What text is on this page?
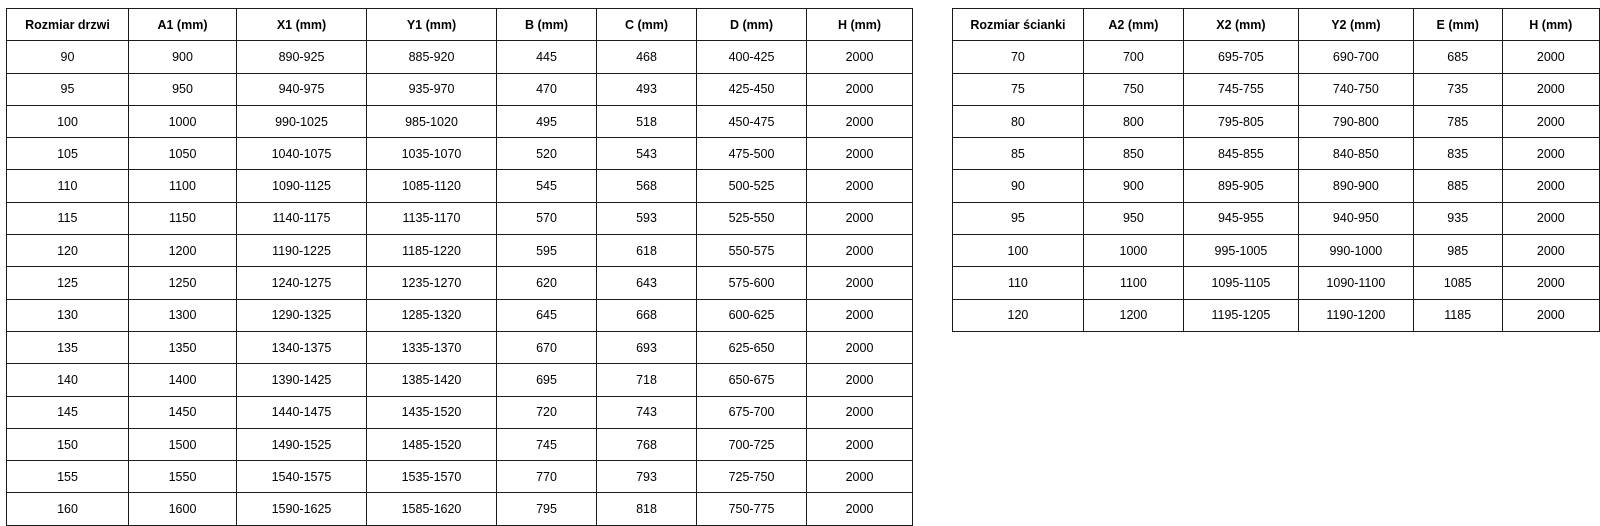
Rozmiar drzwi	A1 (mm)	X1 (mm)	Y1 (mm)	B (mm)	C (mm)	D (mm)	H (mm)
90	900	890-925	885-920	445	468	400-425	2000
95	950	940-975	935-970	470	493	425-450	2000
100	1000	990-1025	985-1020	495	518	450-475	2000
105	1050	1040-1075	1035-1070	520	543	475-500	2000
110	1100	1090-1125	1085-1120	545	568	500-525	2000
115	1150	1140-1175	1135-1170	570	593	525-550	2000
120	1200	1190-1225	1185-1220	595	618	550-575	2000
125	1250	1240-1275	1235-1270	620	643	575-600	2000
130	1300	1290-1325	1285-1320	645	668	600-625	2000
135	1350	1340-1375	1335-1370	670	693	625-650	2000
140	1400	1390-1425	1385-1420	695	718	650-675	2000
145	1450	1440-1475	1435-1520	720	743	675-700	2000
150	1500	1490-1525	1485-1520	745	768	700-725	2000
155	1550	1540-1575	1535-1570	770	793	725-750	2000
160	1600	1590-1625	1585-1620	795	818	750-775	2000
Rozmiar ścianki	A2 (mm)	X2 (mm)	Y2 (mm)	E (mm)	H (mm)
70	700	695-705	690-700	685	2000
75	750	745-755	740-750	735	2000
80	800	795-805	790-800	785	2000
85	850	845-855	840-850	835	2000
90	900	895-905	890-900	885	2000
95	950	945-955	940-950	935	2000
100	1000	995-1005	990-1000	985	2000
110	1100	1095-1105	1090-1100	1085	2000
120	1200	1195-1205	1190-1200	1185	2000
